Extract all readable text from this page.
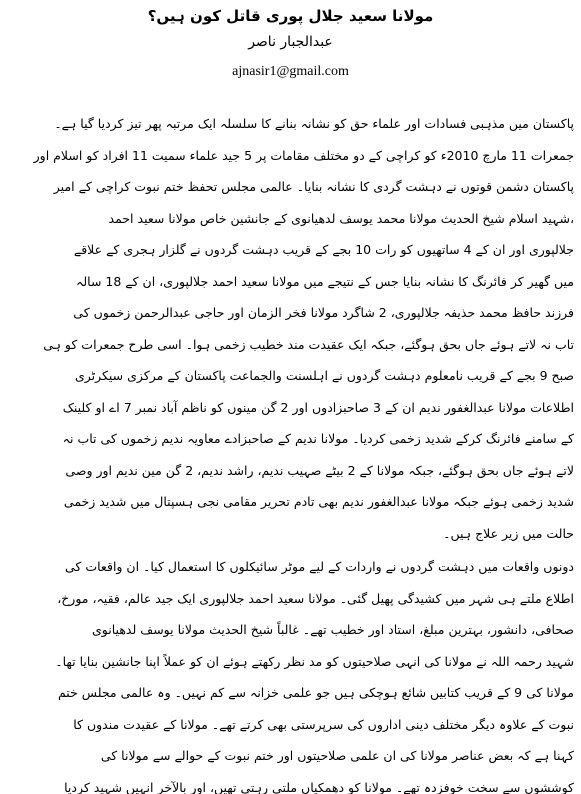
مولانا سعید جلال پوری قاتل کون ہیں؟
عبدالجبار ناصر
ajnasir1@gmail.com
پاکستان میں مذہبی فسادات اور علماء حق کو نشانہ بنانے کا سلسلہ ایک مرتبہ پھر تیز کردیا گیا ہے۔
جمعرات 11 مارچ 2010ء کو کراچی کے دو مختلف مقامات پر 5 جید علماء سمیت 11 افراد کو اسلام اور
پاکستان دشمن قوتوں نے دہشت گردی کا نشانہ بنایا۔ عالمی مجلس تحفظ ختم نبوت کراچی کے امیر
،شہید اسلام شیخ الحدیث مولانا محمد یوسف لدھیانوی کے جانشین خاص مولانا سعید احمد
جلالپوری اور ان کے 4 ساتھیوں کو رات 10 بجے کے قریب دہشت گردوں نے گلزار ہجری کے علاقے
میں گھیر کر فائرنگ کا نشانہ بنایا جس کے نتیجے میں مولانا سعید احمد جلالپوری، ان کے 18 سالہ
فرزند حافظ محمد حذیفہ جلالپوری، 2 شاگرد مولانا فخر الزمان اور حاجی عبدالرحمن زخموں کی
تاب نہ لاتے ہوئے جاں بحق ہوگئے، جبکہ ایک عقیدت مند خطیب زخمی ہوا۔ اسی طرح جمعرات کو ہی
صبح 9 بجے کے قریب نامعلوم دہشت گردوں نے اہلسنت والجماعت پاکستان کے مرکزی سیکرٹری
اطلاعات مولانا عبدالغفور ندیم ان کے 3 صاحبزادوں اور 2 گن مینوں کو ناظم آباد نمبر 7 اے او کلینک
کے سامنے فائرنگ کرکے شدید زخمی کردیا۔ مولانا ندیم کے صاحبزادے معاویہ ندیم زخموں کی تاب نہ
لاتے ہوئے جاں بحق ہوگئے، جبکہ مولانا کے 2 بیٹے صہیب ندیم، راشد ندیم، 2 گن مین ندیم اور وصی
شدید زخمی ہوئے جبکہ مولانا عبدالغفور ندیم بھی تادم تحریر مقامی نجی ہسپتال میں شدید زخمی
حالت میں زیر علاج ہیں۔
دونوں واقعات میں دہشت گردوں نے واردات کے لیے موٹر سائیکلوں کا استعمال کیا۔ ان واقعات کی
اطلاع ملتے ہی شہر میں کشیدگی پھیل گئی۔ مولانا سعید احمد جلالپوری ایک جید عالم، فقیہ، مورخ،
صحافی، دانشور، بہترین مبلغ، استاد اور خطیب تھے۔ غالباً شیخ الحدیث مولانا یوسف لدھیانوی
شہید رحمہ اللہ نے مولانا کی انہی صلاحیتوں کو مد نظر رکھتے ہوئے ان کو عملاً اپنا جانشین بنایا تھا۔
مولانا کی 9 کے قریب کتابیں شائع ہوچکی ہیں جو علمی خزانہ سے کم نہیں۔ وہ عالمی مجلس ختم
نبوت کے علاوہ دیگر مختلف دینی اداروں کی سرپرستی بھی کرتے تھے۔ مولانا کے عقیدت مندوں کا
کہنا ہے کہ بعض عناصر مولانا کی ان علمی صلاحیتوں اور ختم نبوت کے حوالے سے مولانا کی
کوششوں سے سخت خوفزدہ تھے۔ مولانا کو دھمکیاں ملتی رہتی تھیں، اور بالآخر انہیں شہید کردیا
